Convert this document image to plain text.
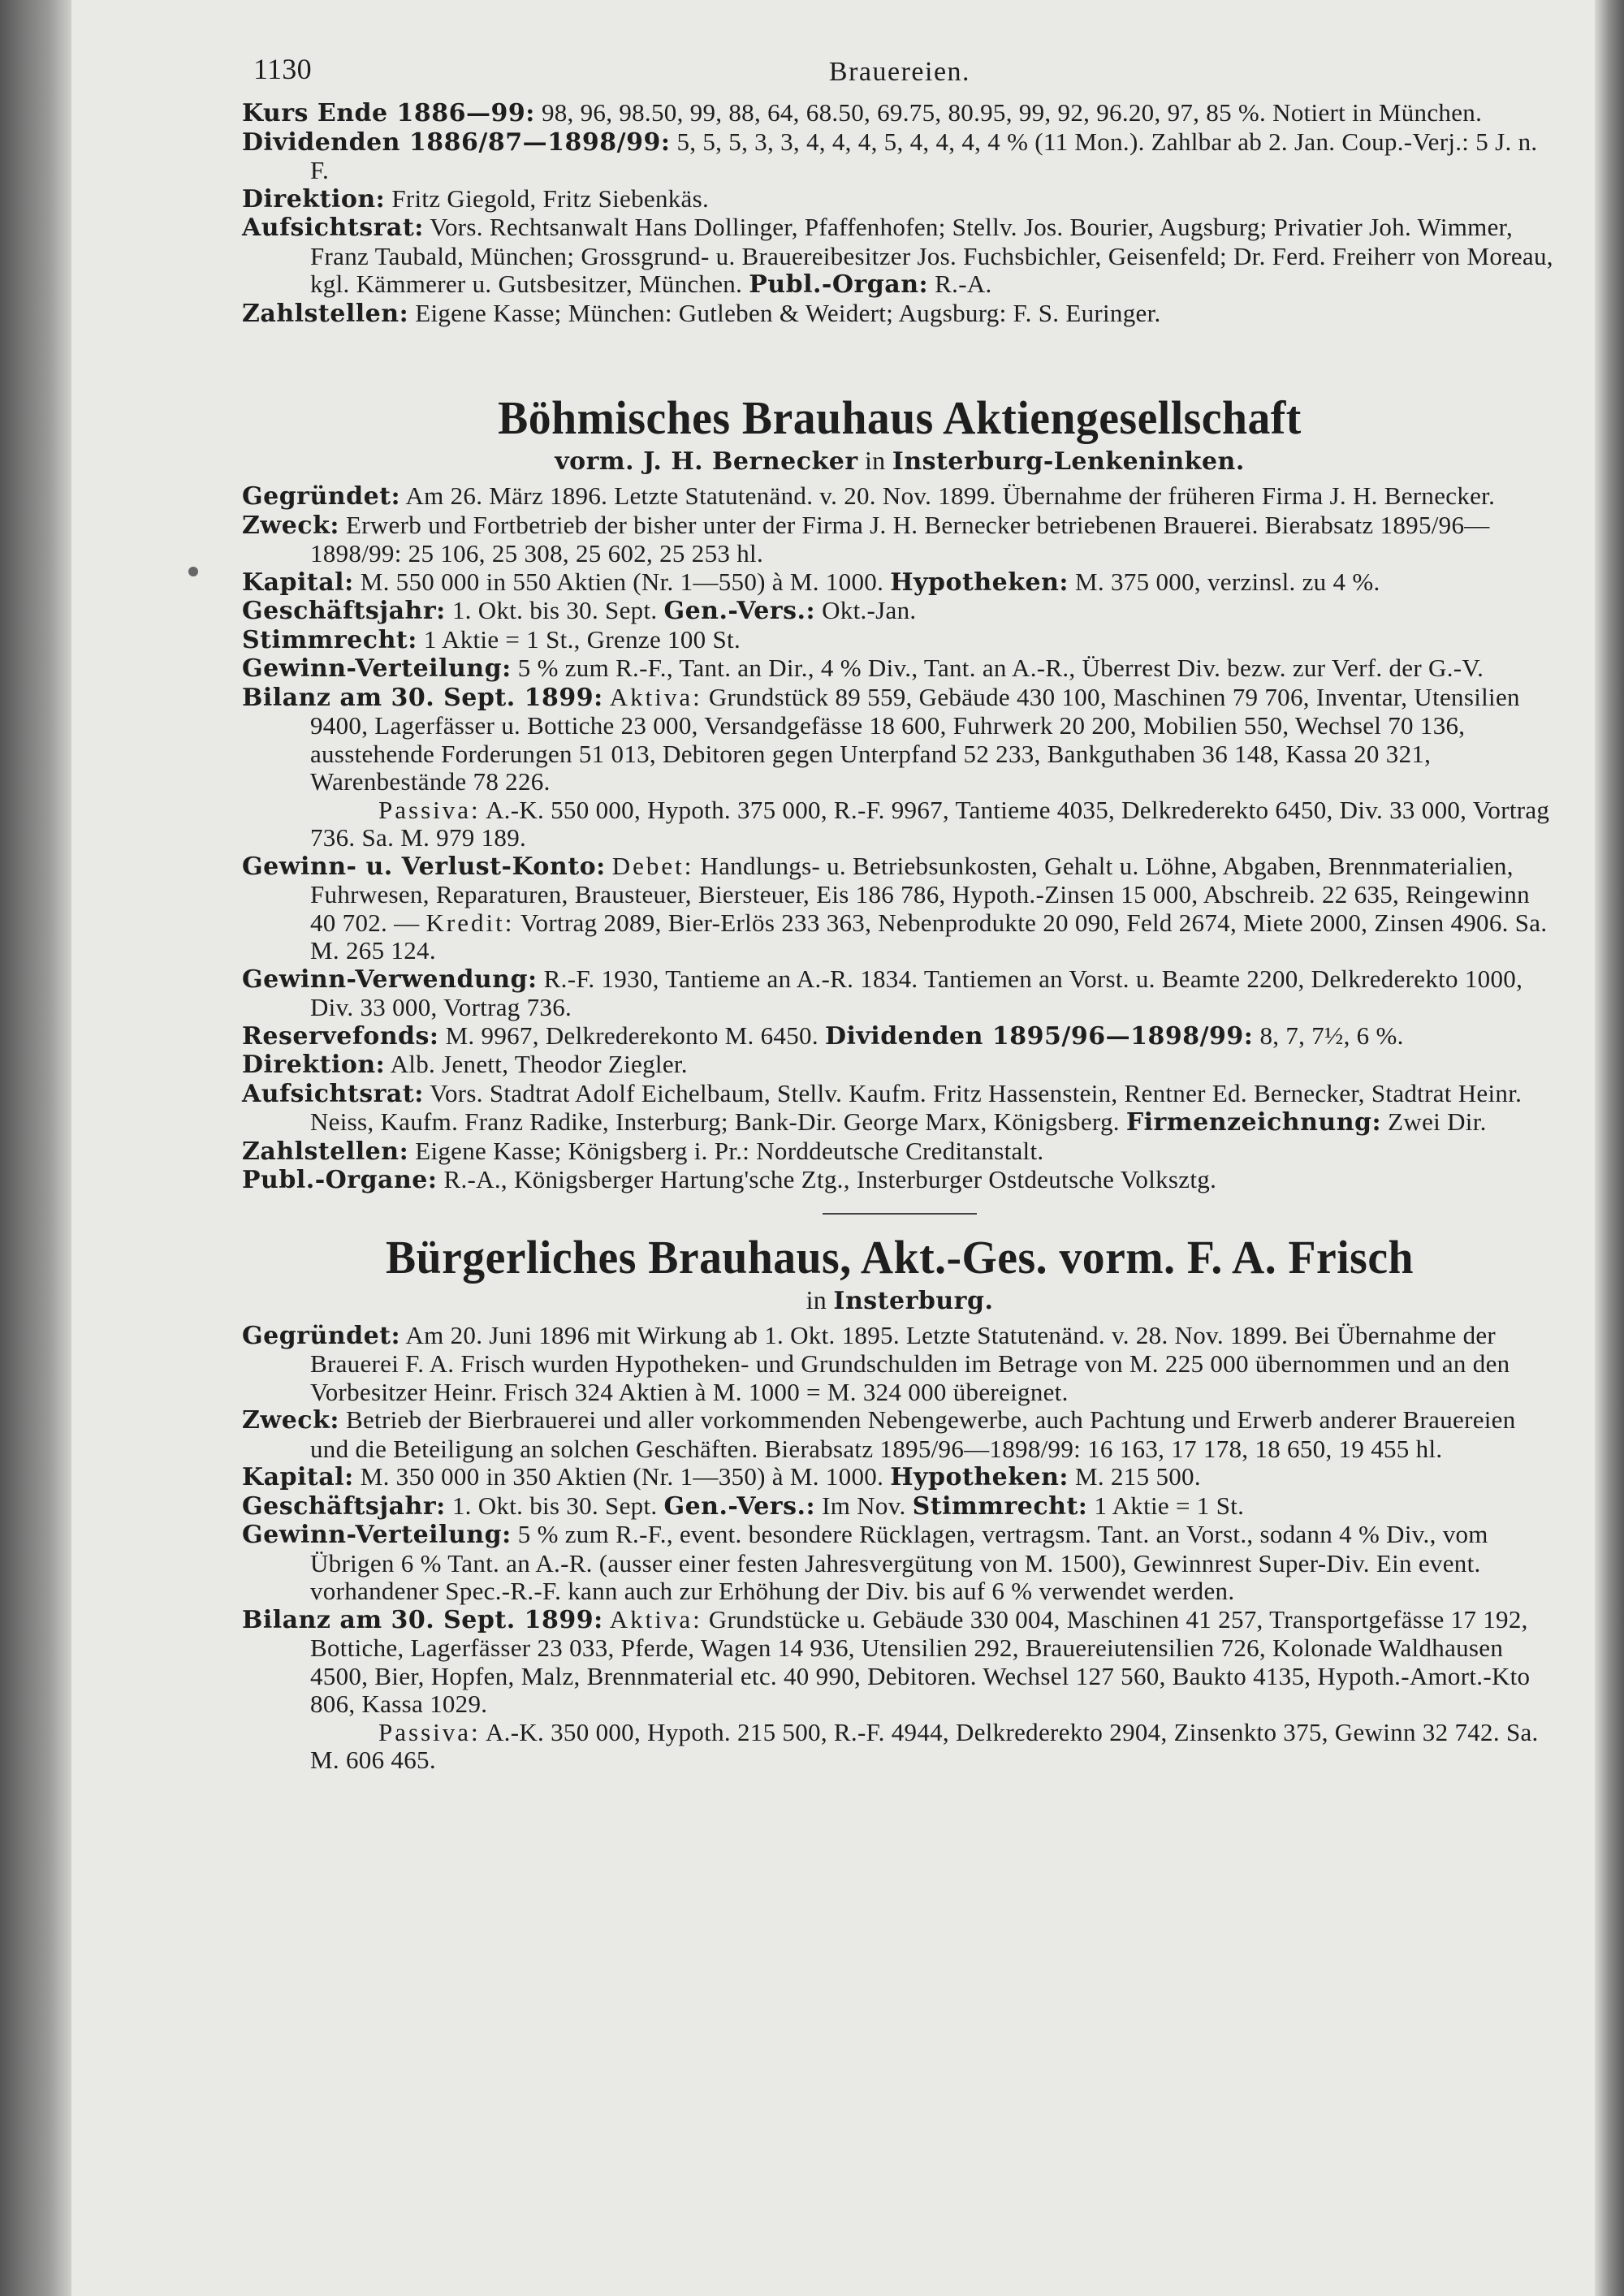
1130	Brauereien.
Kurs Ende 1886—99: 98, 96, 98.50, 99, 88, 64, 68.50, 69.75, 80.95, 99, 92, 96.20, 97, 85 %. Notiert in München.
Dividenden 1886/87—1898/99: 5, 5, 5, 3, 3, 4, 4, 4, 5, 4, 4, 4, 4 % (11 Mon.). Zahlbar ab 2. Jan. Coup.-Verj.: 5 J. n. F.
Direktion: Fritz Giegold, Fritz Siebenkäs.
Aufsichtsrat: Vors. Rechtsanwalt Hans Dollinger, Pfaffenhofen; Stellv. Jos. Bourier, Augsburg; Privatier Joh. Wimmer, Franz Taubald, München; Grossgrund- u. Brauereibesitzer Jos. Fuchsbichler, Geisenfeld; Dr. Ferd. Freiherr von Moreau, kgl. Kämmerer u. Gutsbesitzer, München. Publ.-Organ: R.-A.
Zahlstellen: Eigene Kasse; München: Gutleben & Weidert; Augsburg: F. S. Euringer.
Böhmisches Brauhaus Aktiengesellschaft
vorm. J. H. Bernecker in Insterburg-Lenkeninken.
Gegründet: Am 26. März 1896. Letzte Statutenänd. v. 20. Nov. 1899. Übernahme der früheren Firma J. H. Bernecker.
Zweck: Erwerb und Fortbetrieb der bisher unter der Firma J. H. Bernecker betriebenen Brauerei. Bierabsatz 1895/96—1898/99: 25 106, 25 308, 25 602, 25 253 hl.
Kapital: M. 550 000 in 550 Aktien (Nr. 1—550) à M. 1000. Hypotheken: M. 375 000, verzinsl. zu 4 %.
Geschäftsjahr: 1. Okt. bis 30. Sept. Gen.-Vers.: Okt.-Jan.
Stimmrecht: 1 Aktie = 1 St., Grenze 100 St.
Gewinn-Verteilung: 5 % zum R.-F., Tant. an Dir., 4 % Div., Tant. an A.-R., Überrest Div. bezw. zur Verf. der G.-V.
Bilanz am 30. Sept. 1899: Aktiva: Grundstück 89 559, Gebäude 430 100, Maschinen 79 706, Inventar, Utensilien 9400, Lagerfässer u. Bottiche 23 000, Versandgefässe 18 600, Fuhrwerk 20 200, Mobilien 550, Wechsel 70 136, ausstehende Forderungen 51 013, Debitoren gegen Unterpfand 52 233, Bankguthaben 36 148, Kassa 20 321, Warenbestände 78 226.
Passiva: A.-K. 550 000, Hypoth. 375 000, R.-F. 9967, Tantieme 4035, Delkrederekto 6450, Div. 33 000, Vortrag 736. Sa. M. 979 189.
Gewinn- u. Verlust-Konto: Debet: Handlungs- u. Betriebsunkosten, Gehalt u. Löhne, Abgaben, Brennmaterialien, Fuhrwesen, Reparaturen, Brausteuer, Biersteuer, Eis 186 786, Hypoth.-Zinsen 15 000, Abschreib. 22 635, Reingewinn 40 702. — Kredit: Vortrag 2089, Bier-Erlös 233 363, Nebenprodukte 20 090, Feld 2674, Miete 2000, Zinsen 4906. Sa. M. 265 124.
Gewinn-Verwendung: R.-F. 1930, Tantieme an A.-R. 1834. Tantiemen an Vorst. u. Beamte 2200, Delkrederekto 1000, Div. 33 000, Vortrag 736.
Reservefonds: M. 9967, Delkrederekonto M. 6450. Dividenden 1895/96—1898/99: 8, 7, 7½, 6 %.
Direktion: Alb. Jenett, Theodor Ziegler.
Aufsichtsrat: Vors. Stadtrat Adolf Eichelbaum, Stellv. Kaufm. Fritz Hassenstein, Rentner Ed. Bernecker, Stadtrat Heinr. Neiss, Kaufm. Franz Radike, Insterburg; Bank-Dir. George Marx, Königsberg. Firmenzeichnung: Zwei Dir.
Zahlstellen: Eigene Kasse; Königsberg i. Pr.: Norddeutsche Creditanstalt.
Publ.-Organe: R.-A., Königsberger Hartung'sche Ztg., Insterburger Ostdeutsche Volksztg.
Bürgerliches Brauhaus, Akt.-Ges. vorm. F. A. Frisch
in Insterburg.
Gegründet: Am 20. Juni 1896 mit Wirkung ab 1. Okt. 1895. Letzte Statutenänd. v. 28. Nov. 1899. Bei Übernahme der Brauerei F. A. Frisch wurden Hypotheken- und Grundschulden im Betrage von M. 225 000 übernommen und an den Vorbesitzer Heinr. Frisch 324 Aktien à M. 1000 = M. 324 000 übereignet.
Zweck: Betrieb der Bierbrauerei und aller vorkommenden Nebengewerbe, auch Pachtung und Erwerb anderer Brauereien und die Beteiligung an solchen Geschäften. Bierabsatz 1895/96—1898/99: 16 163, 17 178, 18 650, 19 455 hl.
Kapital: M. 350 000 in 350 Aktien (Nr. 1—350) à M. 1000. Hypotheken: M. 215 500.
Geschäftsjahr: 1. Okt. bis 30. Sept. Gen.-Vers.: Im Nov. Stimmrecht: 1 Aktie = 1 St.
Gewinn-Verteilung: 5 % zum R.-F., event. besondere Rücklagen, vertragsm. Tant. an Vorst., sodann 4 % Div., vom Übrigen 6 % Tant. an A.-R. (ausser einer festen Jahresvergütung von M. 1500), Gewinnrest Super-Div. Ein event. vorhandener Spec.-R.-F. kann auch zur Erhöhung der Div. bis auf 6 % verwendet werden.
Bilanz am 30. Sept. 1899: Aktiva: Grundstücke u. Gebäude 330 004, Maschinen 41 257, Transportgefässe 17 192, Bottiche, Lagerfässer 23 033, Pferde, Wagen 14 936, Utensilien 292, Brauereiutensilien 726, Kolonade Waldhausen 4500, Bier, Hopfen, Malz, Brennmaterial etc. 40 990, Debitoren. Wechsel 127 560, Baukto 4135, Hypoth.-Amort.-Kto 806, Kassa 1029.
Passiva: A.-K. 350 000, Hypoth. 215 500, R.-F. 4944, Delkrederekto 2904, Zinsenkto 375, Gewinn 32 742. Sa. M. 606 465.
